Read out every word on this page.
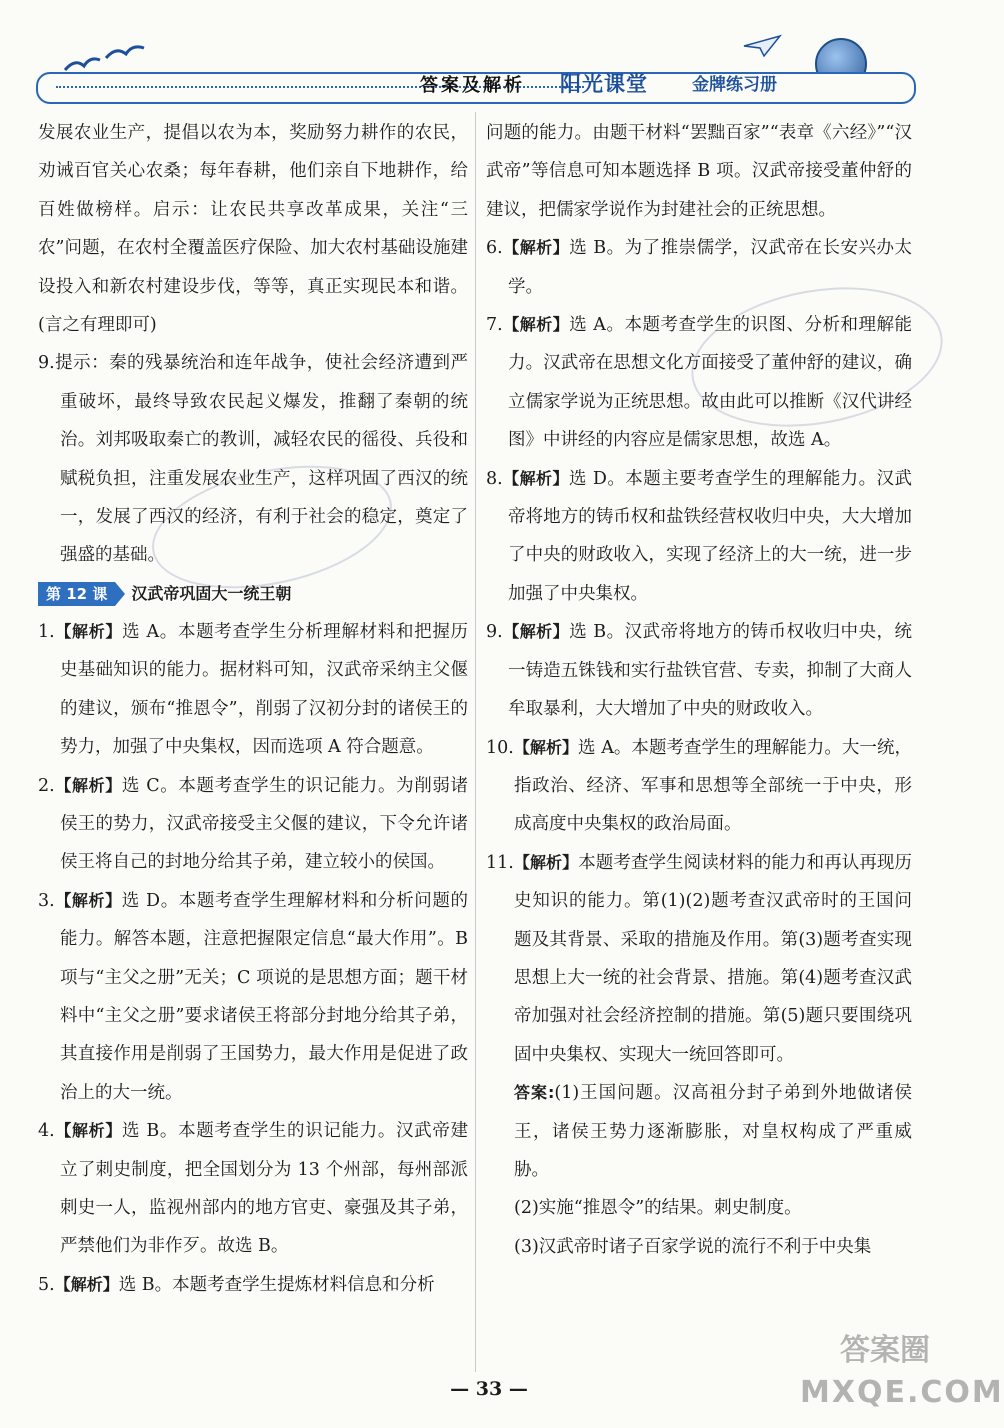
答案及解析 阳光课堂	金牌练习册

发展农业生产，提倡以农为本，奖励努力耕作的农民，劝诫百官关心农桑；每年春耕，他们亲自下地耕作，给百姓做榜样。启示：让农民共享改革成果，关注“三农”问题，在农村全覆盖医疗保险、加大农村基础设施建设投入和新农村建设步伐，等等，真正实现民本和谐。(言之有理即可)

9.提示：秦的残暴统治和连年战争，使社会经济遭到严重破坏，最终导致农民起义爆发，推翻了秦朝的统治。刘邦吸取秦亡的教训，减轻农民的徭役、兵役和赋税负担，注重发展农业生产，这样巩固了西汉的统一，发展了西汉的经济，有利于社会的稳定，奠定了强盛的基础。

第 12 课	汉武帝巩固大一统王朝

1.【解析】选 A。本题考查学生分析理解材料和把握历史基础知识的能力。据材料可知，汉武帝采纳主父偃的建议，颁布“推恩令”，削弱了汉初分封的诸侯王的势力，加强了中央集权，因而选项 A 符合题意。

2.【解析】选 C。本题考查学生的识记能力。为削弱诸侯王的势力，汉武帝接受主父偃的建议，下令允许诸侯王将自己的封地分给其子弟，建立较小的侯国。

3.【解析】选 D。本题考查学生理解材料和分析问题的能力。解答本题，注意把握限定信息“最大作用”。B 项与“主父之册”无关；C 项说的是思想方面；题干材料中“主父之册”要求诸侯王将部分封地分给其子弟，其直接作用是削弱了王国势力，最大作用是促进了政治上的大一统。

4.【解析】选 B。本题考查学生的识记能力。汉武帝建立了刺史制度，把全国划分为 13 个州部，每州部派刺史一人，监视州部内的地方官吏、豪强及其子弟，严禁他们为非作歹。故选 B。

5.【解析】选 B。本题考查学生提炼材料信息和分析

问题的能力。由题干材料“罢黜百家”“表章《六经》”“汉武帝”等信息可知本题选择 B 项。汉武帝接受董仲舒的建议，把儒家学说作为封建社会的正统思想。

6.【解析】选 B。为了推崇儒学，汉武帝在长安兴办太学。

7.【解析】选 A。本题考查学生的识图、分析和理解能力。汉武帝在思想文化方面接受了董仲舒的建议，确立儒家学说为正统思想。故由此可以推断《汉代讲经图》中讲经的内容应是儒家思想，故选 A。

8.【解析】选 D。本题主要考查学生的理解能力。汉武帝将地方的铸币权和盐铁经营权收归中央，大大增加了中央的财政收入，实现了经济上的大一统，进一步加强了中央集权。

9.【解析】选 B。汉武帝将地方的铸币权收归中央，统一铸造五铢钱和实行盐铁官营、专卖，抑制了大商人牟取暴利，大大增加了中央的财政收入。

10.【解析】选 A。本题考查学生的理解能力。大一统，指政治、经济、军事和思想等全部统一于中央，形成高度中央集权的政治局面。

11.【解析】本题考查学生阅读材料的能力和再认再现历史知识的能力。第(1)(2)题考查汉武帝时的王国问题及其背景、采取的措施及作用。第(3)题考查实现思想上大一统的社会背景、措施。第(4)题考查汉武帝加强对社会经济控制的措施。第(5)题只要围绕巩固中央集权、实现大一统回答即可。

答案:(1)王国问题。汉高祖分封子弟到外地做诸侯王，诸侯王势力逐渐膨胀，对皇权构成了严重威胁。

(2)实施“推恩令”的结果。刺史制度。

(3)汉武帝时诸子百家学说的流行不利于中央集

— 33 —
答案圈
MXQE.COM
